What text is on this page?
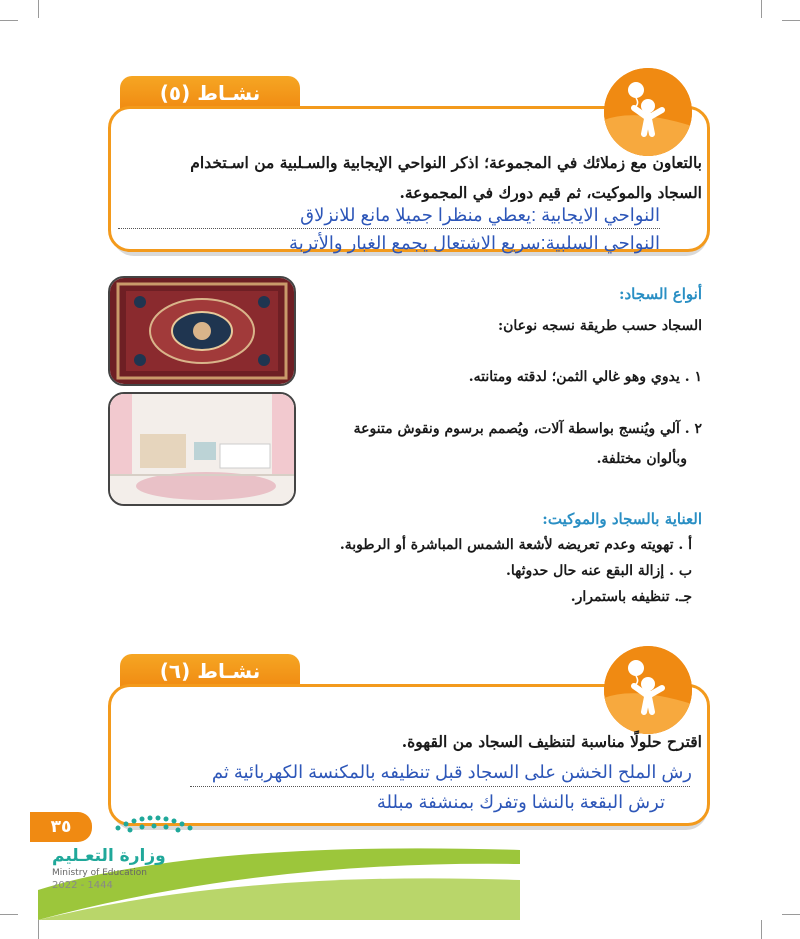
نشـاط (٥)
بالتعاون مع زملائك في المجموعة؛ اذكر النواحي الإيجابية والسـلبية من اسـتخدام
السجاد والموكيت، ثم قيم دورك في المجموعة.
النواحي الايجابية :يعطي منظرا جميلا مانع للانزلاق
النواحي السلبية:سريع الاشتعال يجمع الغبار والأتربة
أنواع السجاد:
السجاد حسب طريقة نسجه نوعان:
١ . يدوي وهو غالي الثمن؛ لدقته ومتانته.
٢ . آلي ويُنسج بواسطة آلات، ويُصمم برسوم ونقوش متنوعة
وبألوان مختلفة.
العناية بالسجاد والموكيت:
أ . تهويته وعدم تعريضه لأشعة الشمس المباشرة أو الرطوبة.
ب . إزالة البقع عنه حال حدوثها.
جـ. تنظيفه باستمرار.
نشـاط (٦)
اقترح حلولًا مناسبة لتنظيف السجاد من القهوة.
رش الملح الخشن على السجاد قبل تنظيفه بالمكنسة الكهربائية ثم
ترش البقعة بالنشا وتفرك بمنشفة مبللة
٣٥
وزارة التعـليم
Ministry of Education
2022 - 1444
